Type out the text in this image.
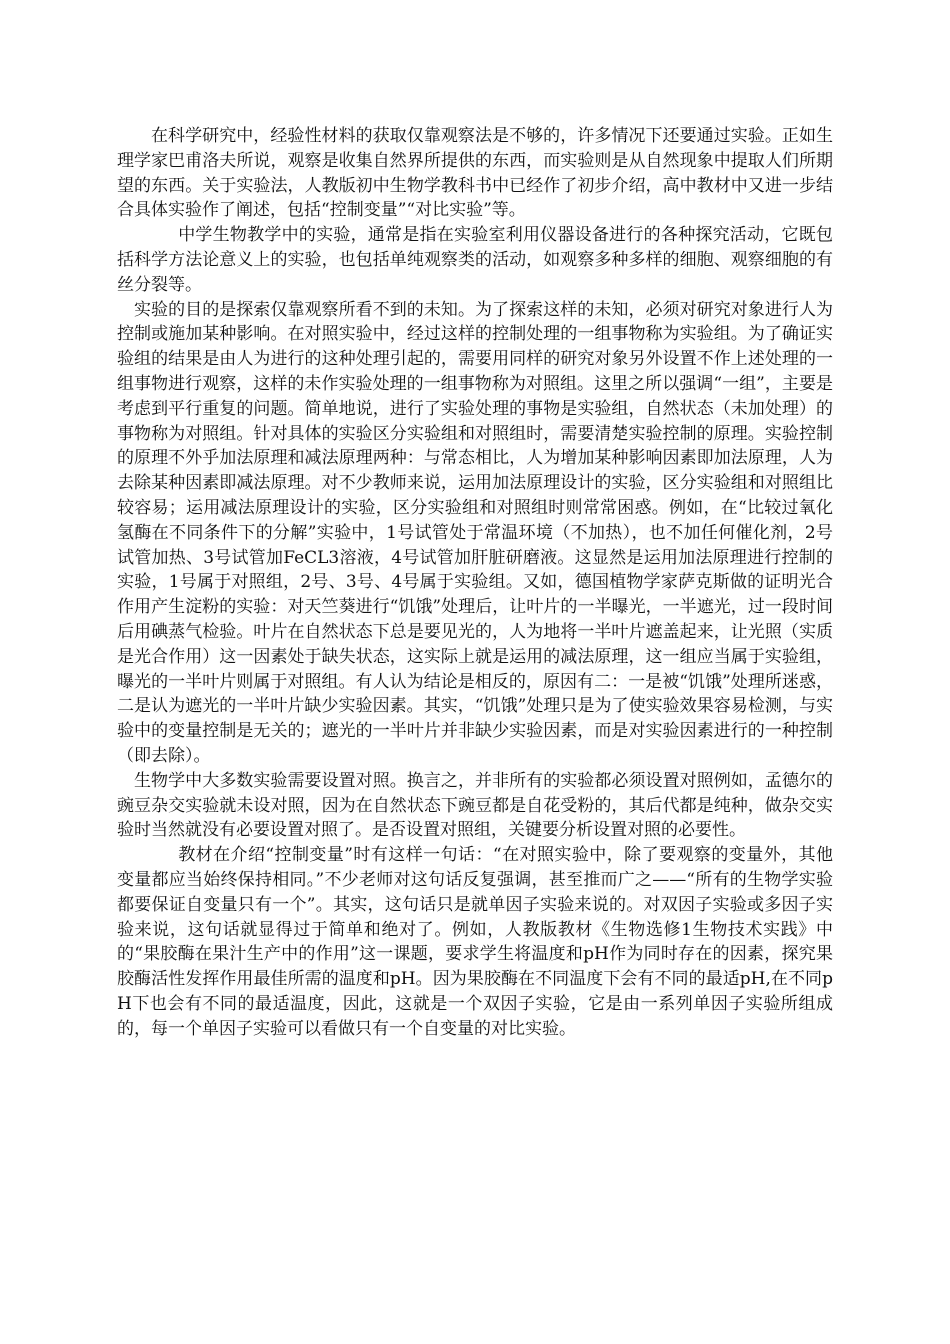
在科学研究中，经验性材料的获取仅靠观察法是不够的，许多情况下还要通过实验。正如生理学家巴甫洛夫所说，观察是收集自然界所提供的东西，而实验则是从自然现象中提取人们所期望的东西。关于实验法，人教版初中生物学教科书中已经作了初步介绍，高中教材中又进一步结合具体实验作了阐述，包括“控制变量”“对比实验”等。

中学生物教学中的实验，通常是指在实验室利用仪器设备进行的各种探究活动，它既包括科学方法论意义上的实验，也包括单纯观察类的活动，如观察多种多样的细胞、观察细胞的有丝分裂等。

实验的目的是探索仅靠观察所看不到的未知。为了探索这样的未知，必须对研究对象进行人为控制或施加某种影响。在对照实验中，经过这样的控制处理的一组事物称为实验组。为了确证实验组的结果是由人为进行的这种处理引起的，需要用同样的研究对象另外设置不作上述处理的一组事物进行观察，这样的未作实验处理的一组事物称为对照组。这里之所以强调“一组”，主要是考虑到平行重复的问题。简单地说，进行了实验处理的事物是实验组，自然状态（未加处理）的事物称为对照组。针对具体的实验区分实验组和对照组时，需要清楚实验控制的原理。实验控制的原理不外乎加法原理和减法原理两种：与常态相比，人为增加某种影响因素即加法原理，人为去除某种因素即减法原理。对不少教师来说，运用加法原理设计的实验，区分实验组和对照组比较容易；运用减法原理设计的实验，区分实验组和对照组时则常常困惑。例如，在“比较过氧化氢酶在不同条件下的分解”实验中，1号试管处于常温环境（不加热），也不加任何催化剂，2号试管加热、3号试管加FeCL3溶液，4号试管加肝脏研磨液。这显然是运用加法原理进行控制的实验，1号属于对照组，2号、3号、4号属于实验组。又如，德国植物学家萨克斯做的证明光合作用产生淀粉的实验：对天竺葵进行“饥饿”处理后，让叶片的一半曝光，一半遮光，过一段时间后用碘蒸气检验。叶片在自然状态下总是要见光的，人为地将一半叶片遮盖起来，让光照（实质是光合作用）这一因素处于缺失状态，这实际上就是运用的减法原理，这一组应当属于实验组，曝光的一半叶片则属于对照组。有人认为结论是相反的，原因有二：一是被“饥饿”处理所迷惑，二是认为遮光的一半叶片缺少实验因素。其实，“饥饿”处理只是为了使实验效果容易检测，与实验中的变量控制是无关的；遮光的一半叶片并非缺少实验因素，而是对实验因素进行的一种控制（即去除）。

生物学中大多数实验需要设置对照。换言之，并非所有的实验都必须设置对照例如，孟德尔的豌豆杂交实验就未设对照，因为在自然状态下豌豆都是自花受粉的，其后代都是纯种，做杂交实验时当然就没有必要设置对照了。是否设置对照组，关键要分析设置对照的必要性。

教材在介绍“控制变量”时有这样一句话：“在对照实验中，除了要观察的变量外，其他变量都应当始终保持相同。”不少老师对这句话反复强调，甚至推而广之——“所有的生物学实验都要保证自变量只有一个”。其实，这句话只是就单因子实验来说的。对双因子实验或多因子实验来说，这句话就显得过于简单和绝对了。例如，人教版教材《生物选修1生物技术实践》中的“果胶酶在果汁生产中的作用”这一课题，要求学生将温度和pH作为同时存在的因素，探究果胶酶活性发挥作用最佳所需的温度和pH。因为果胶酶在不同温度下会有不同的最适pH,在不同pH下也会有不同的最适温度，因此，这就是一个双因子实验，它是由一系列单因子实验所组成的，每一个单因子实验可以看做只有一个自变量的对比实验。
